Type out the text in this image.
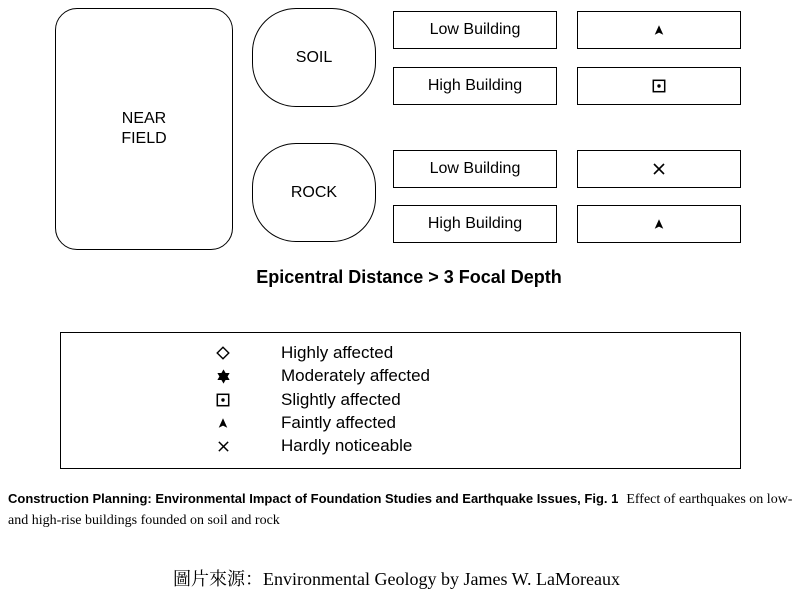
NEAR
FIELD
SOIL
Low Building
High Building
ROCK
Low Building
High Building
Epicentral Distance > 3 Focal Depth
Highly affected
Moderately affected
Slightly affected
Faintly affected
Hardly noticeable
Construction Planning: Environmental Impact of Foundation Studies and Earthquake Issues, Fig. 1 Effect of earthquakes on low- and high-rise buildings founded on soil and rock
圖片來源：Environmental Geology by James W. LaMoreaux
